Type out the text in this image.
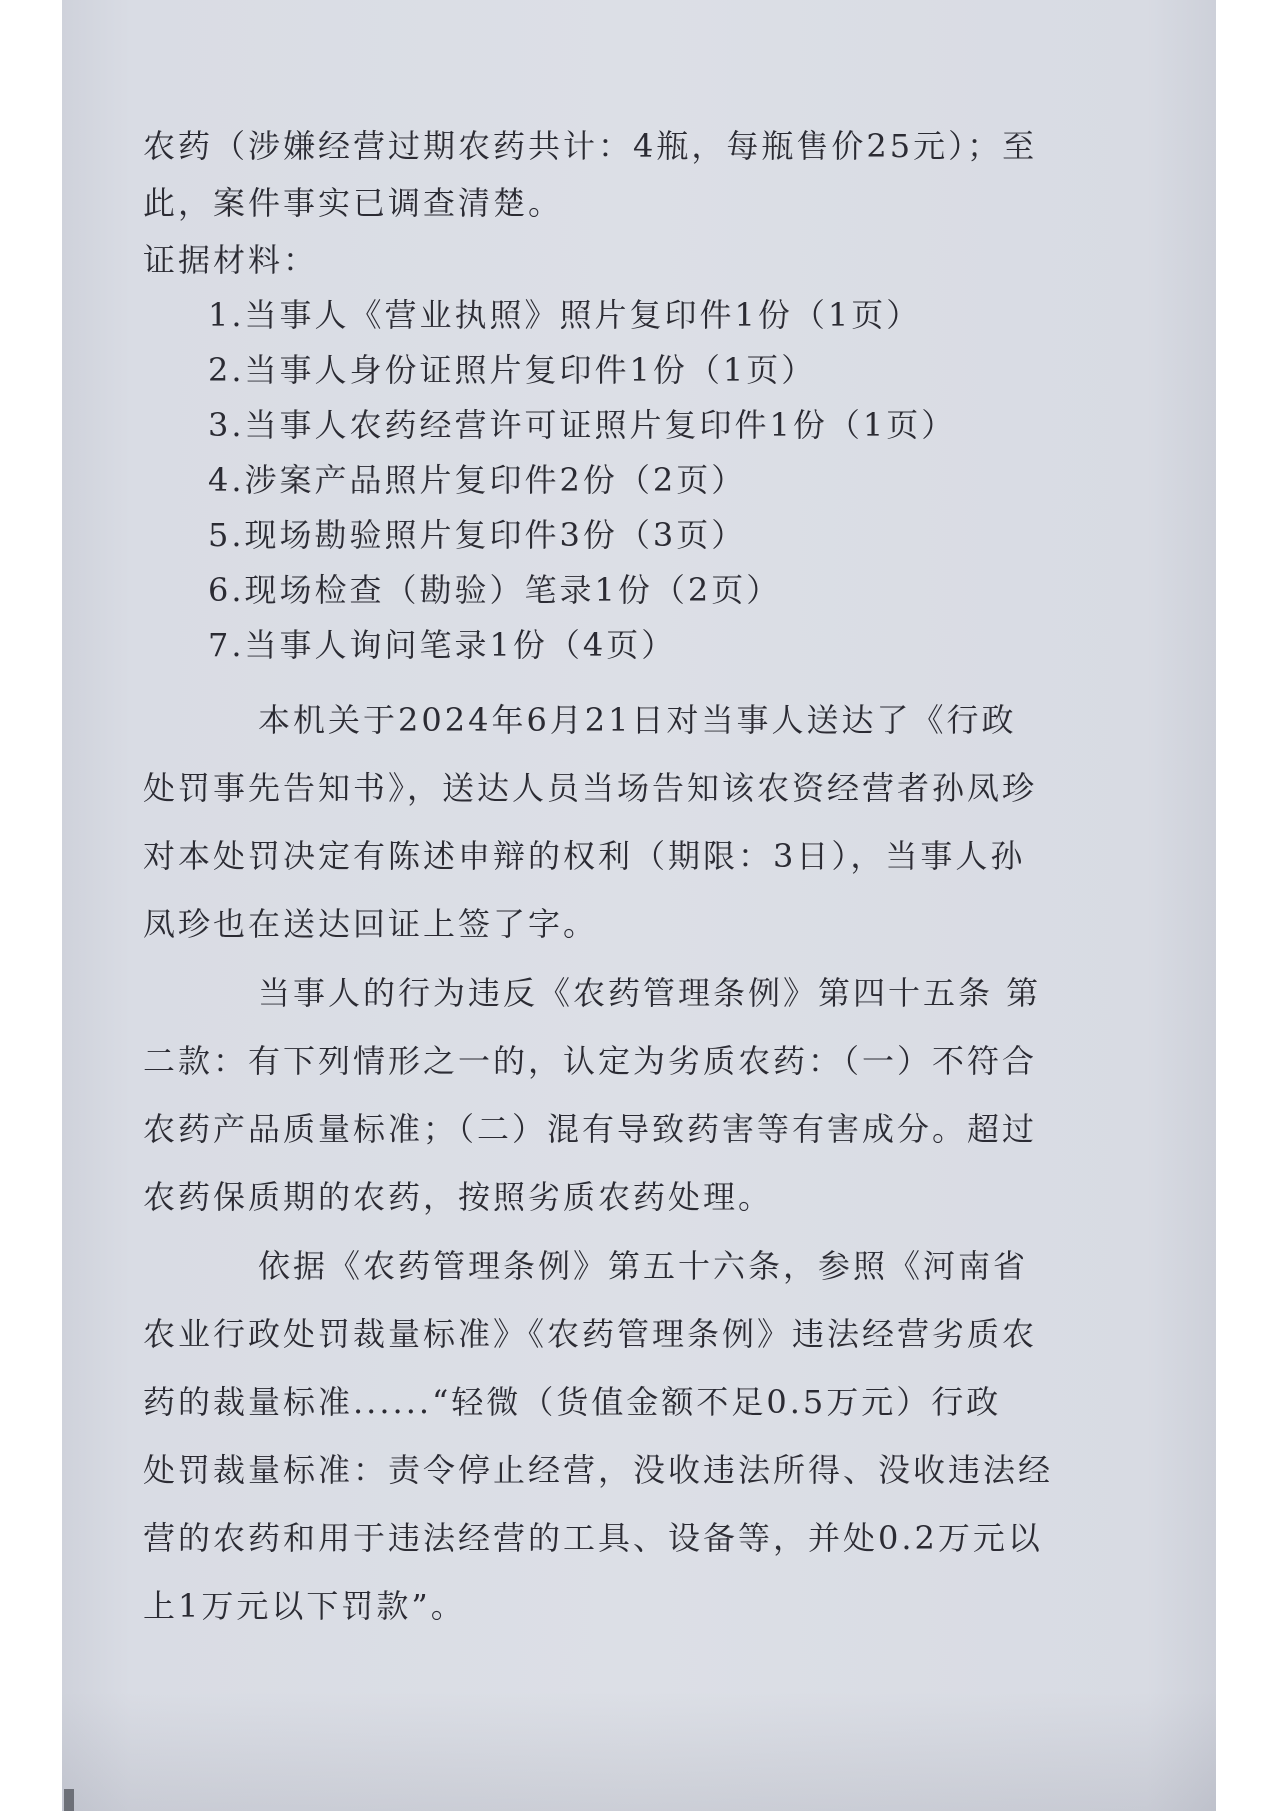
农药（涉嫌经营过期农药共计：4瓶，每瓶售价25元）；至
此，案件事实已调查清楚。
证据材料：
1.当事人《营业执照》照片复印件1份（1页）
2.当事人身份证照片复印件1份（1页）
3.当事人农药经营许可证照片复印件1份（1页）
4.涉案产品照片复印件2份（2页）
5.现场勘验照片复印件3份（3页）
6.现场检查（勘验）笔录1份（2页）
7.当事人询问笔录1份（4页）
本机关于2024年6月21日对当事人送达了《行政
处罚事先告知书》，送达人员当场告知该农资经营者孙凤珍
对本处罚决定有陈述申辩的权利（期限：3日），当事人孙
凤珍也在送达回证上签了字。
当事人的行为违反《农药管理条例》第四十五条 第
二款：有下列情形之一的，认定为劣质农药：（一）不符合
农药产品质量标准；（二）混有导致药害等有害成分。超过
农药保质期的农药，按照劣质农药处理。
依据《农药管理条例》第五十六条，参照《河南省
农业行政处罚裁量标准》《农药管理条例》违法经营劣质农
药的裁量标准......“轻微（货值金额不足0.5万元）行政
处罚裁量标准：责令停止经营，没收违法所得、没收违法经
营的农药和用于违法经营的工具、设备等，并处0.2万元以
上1万元以下罚款”。
